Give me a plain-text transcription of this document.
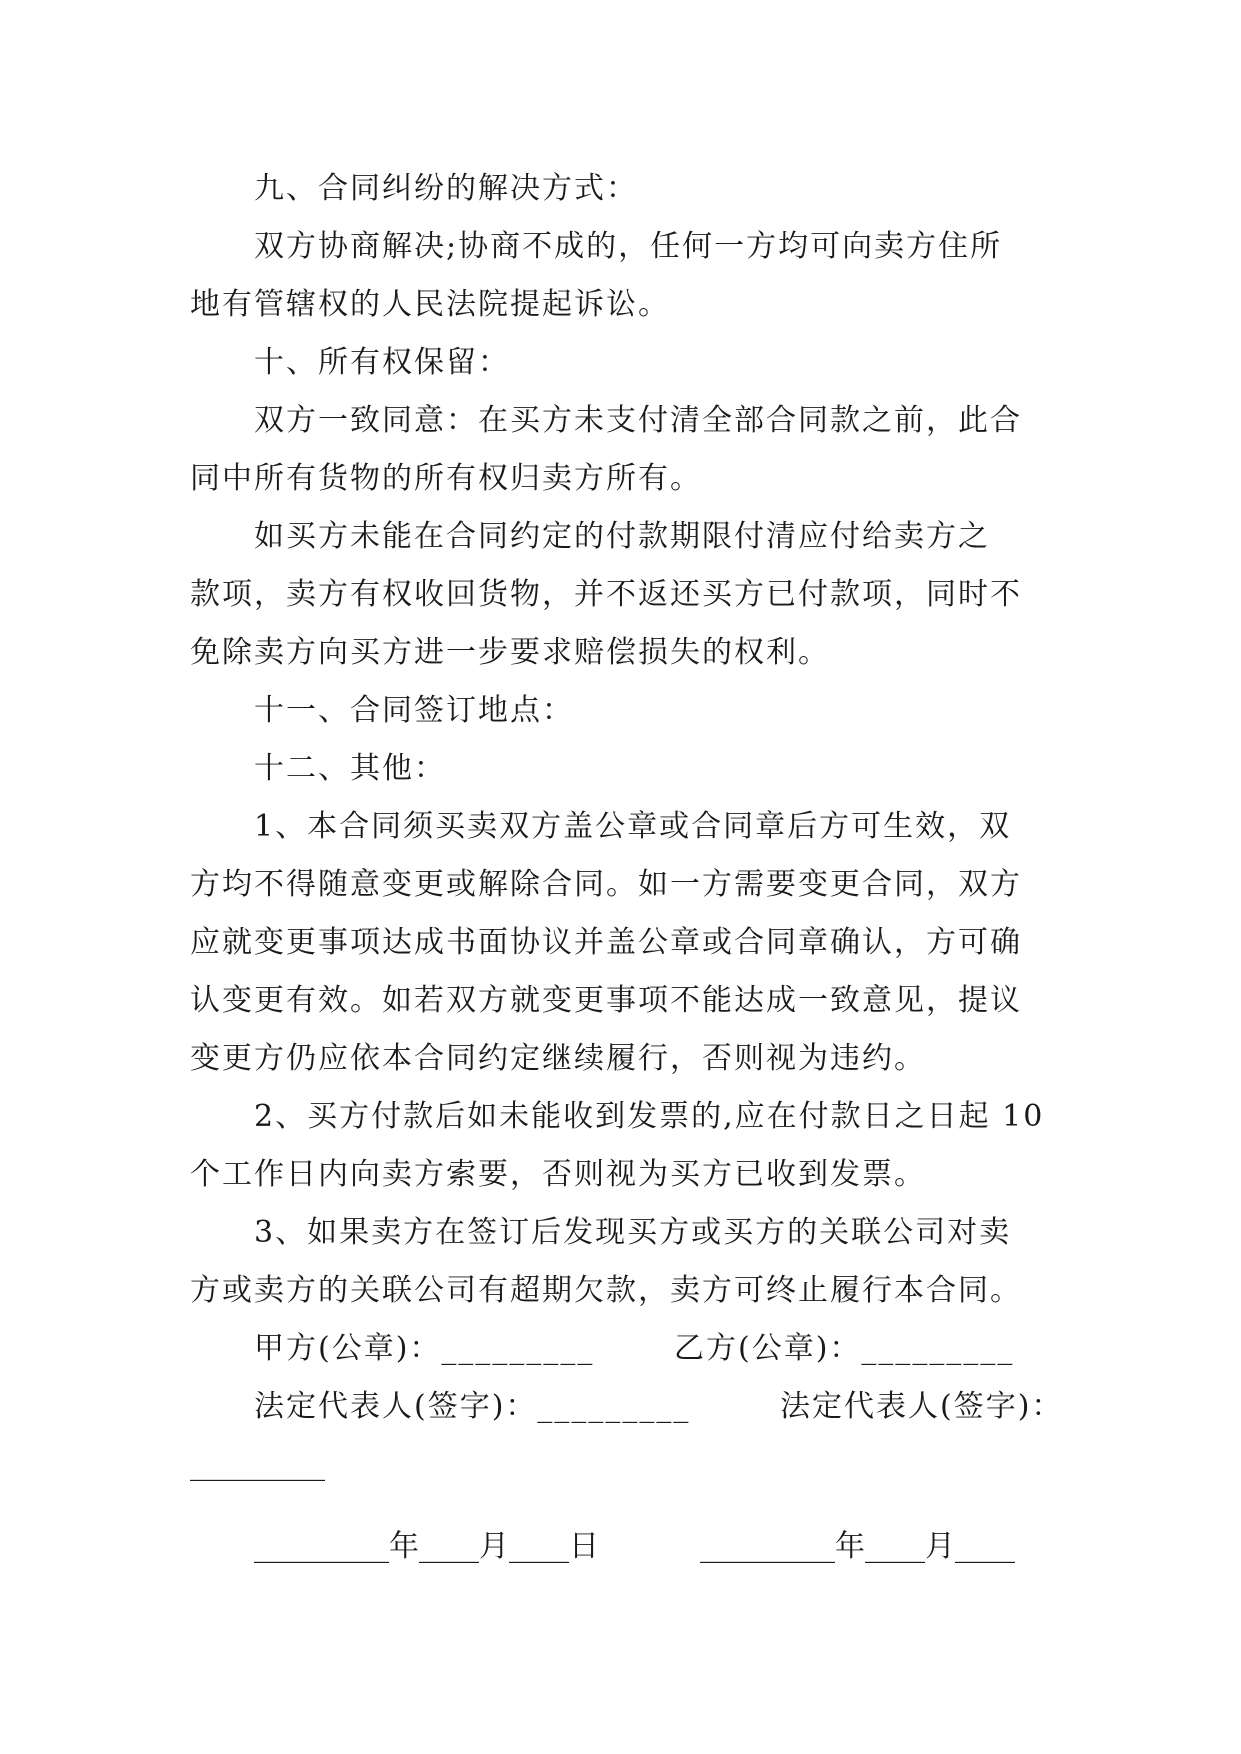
九、合同纠纷的解决方式：
双方协商解决;协商不成的，任何一方均可向卖方住所
地有管辖权的人民法院提起诉讼。
十、所有权保留：
双方一致同意：在买方未支付清全部合同款之前，此合
同中所有货物的所有权归卖方所有。
如买方未能在合同约定的付款期限付清应付给卖方之
款项，卖方有权收回货物，并不返还买方已付款项，同时不
免除卖方向买方进一步要求赔偿损失的权利。
十一、合同签订地点：
十二、其他：
1、本合同须买卖双方盖公章或合同章后方可生效，双
方均不得随意变更或解除合同。如一方需要变更合同，双方
应就变更事项达成书面协议并盖公章或合同章确认，方可确
认变更有效。如若双方就变更事项不能达成一致意见，提议
变更方仍应依本合同约定继续履行，否则视为违约。
2、买方付款后如未能收到发票的,应在付款日之日起 10
个工作日内向卖方索要，否则视为买方已收到发票。
3、如果卖方在签订后发现买方或买方的关联公司对卖
方或卖方的关联公司有超期欠款，卖方可终止履行本合同。
甲方(公章)：_________	乙方(公章)：_________
法定代表人(签字)：_________	法定代表人(签字)：
_________
_________年____月____日	_________年____月____
